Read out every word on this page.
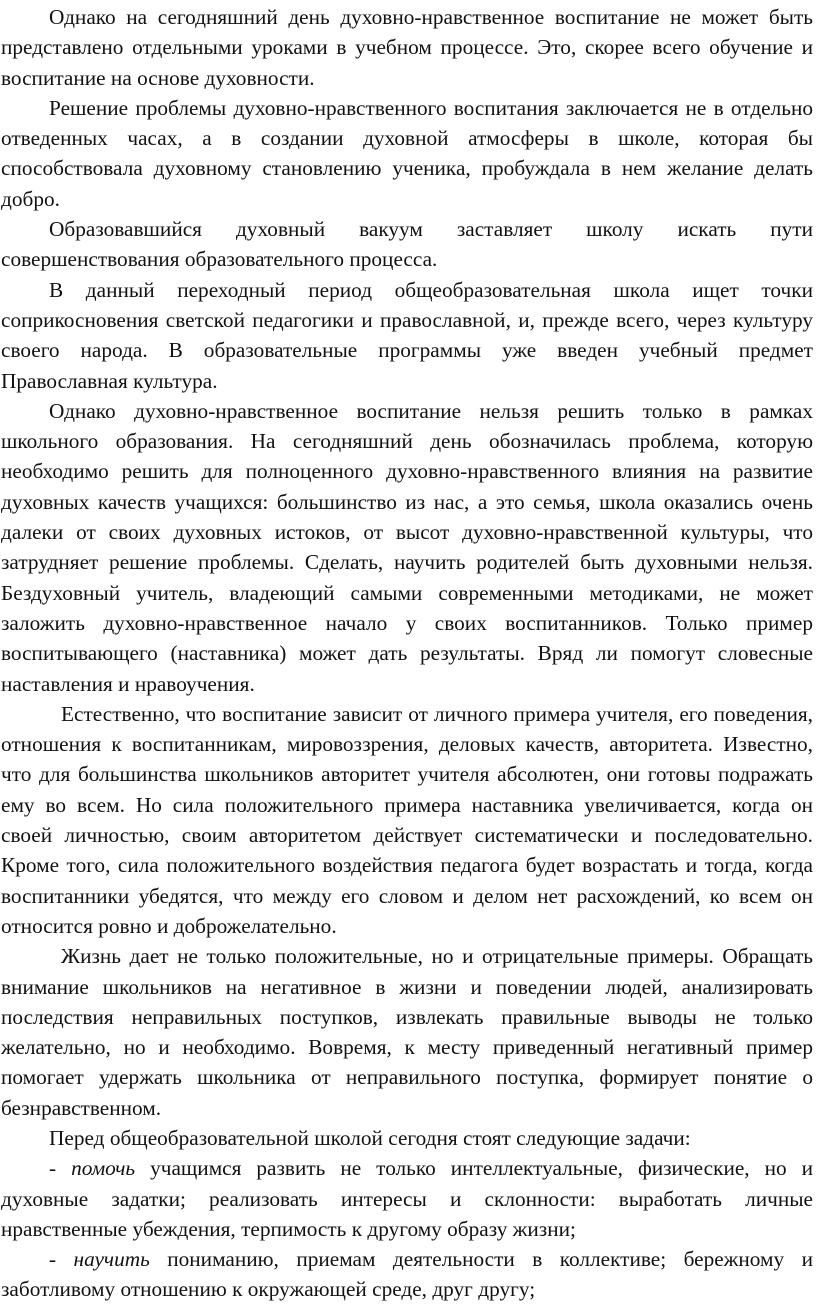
Однако на сегодняшний день духовно-нравственное воспитание не может быть представлено отдельными уроками в учебном процессе. Это, скорее всего обучение и воспитание на основе духовности.

Решение проблемы духовно-нравственного воспитания заключается не в отдельно отведенных часах, а в создании духовной атмосферы в школе, которая бы способствовала духовному становлению ученика, пробуждала в нем желание делать добро.

Образовавшийся духовный вакуум заставляет школу искать пути совершенствования образовательного процесса.

В данный переходный период общеобразовательная школа ищет точки соприкосновения светской педагогики и православной, и, прежде всего, через культуру своего народа. В образовательные программы уже введен учебный предмет Православная культура.

Однако духовно-нравственное воспитание нельзя решить только в рамках школьного образования. На сегодняшний день обозначилась проблема, которую необходимо решить для полноценного духовно-нравственного влияния на развитие духовных качеств учащихся: большинство из нас, а это семья, школа оказались очень далеки от своих духовных истоков, от высот духовно-нравственной культуры, что затрудняет решение проблемы. Сделать, научить родителей быть духовными нельзя. Бездуховный учитель, владеющий самыми современными методиками, не может заложить духовно-нравственное начало у своих воспитанников. Только пример воспитывающего (наставника) может дать результаты. Вряд ли помогут словесные наставления и нравоучения.

Естественно, что воспитание зависит от личного примера учителя, его поведения, отношения к воспитанникам, мировоззрения, деловых качеств, авторитета. Известно, что для большинства школьников авторитет учителя абсолютен, они готовы подражать ему во всем. Но сила положительного примера наставника увеличивается, когда он своей личностью, своим авторитетом действует систематически и последовательно. Кроме того, сила положительного воздействия педагога будет возрастать и тогда, когда воспитанники убедятся, что между его словом и делом нет расхождений, ко всем он относится ровно и доброжелательно.

Жизнь дает не только положительные, но и отрицательные примеры. Обращать внимание школьников на негативное в жизни и поведении людей, анализировать последствия неправильных поступков, извлекать правильные выводы не только желательно, но и необходимо. Вовремя, к месту приведенный негативный пример помогает удержать школьника от неправильного поступка, формирует понятие о безнравственном.

Перед общеобразовательной школой сегодня стоят следующие задачи:

- помочь учащимся развить не только интеллектуальные, физические, но и духовные задатки; реализовать интересы и склонности: выработать личные нравственные убеждения, терпимость к другому образу жизни;

- научить пониманию, приемам деятельности в коллективе; бережному и заботливому отношению к окружающей среде, друг другу;
